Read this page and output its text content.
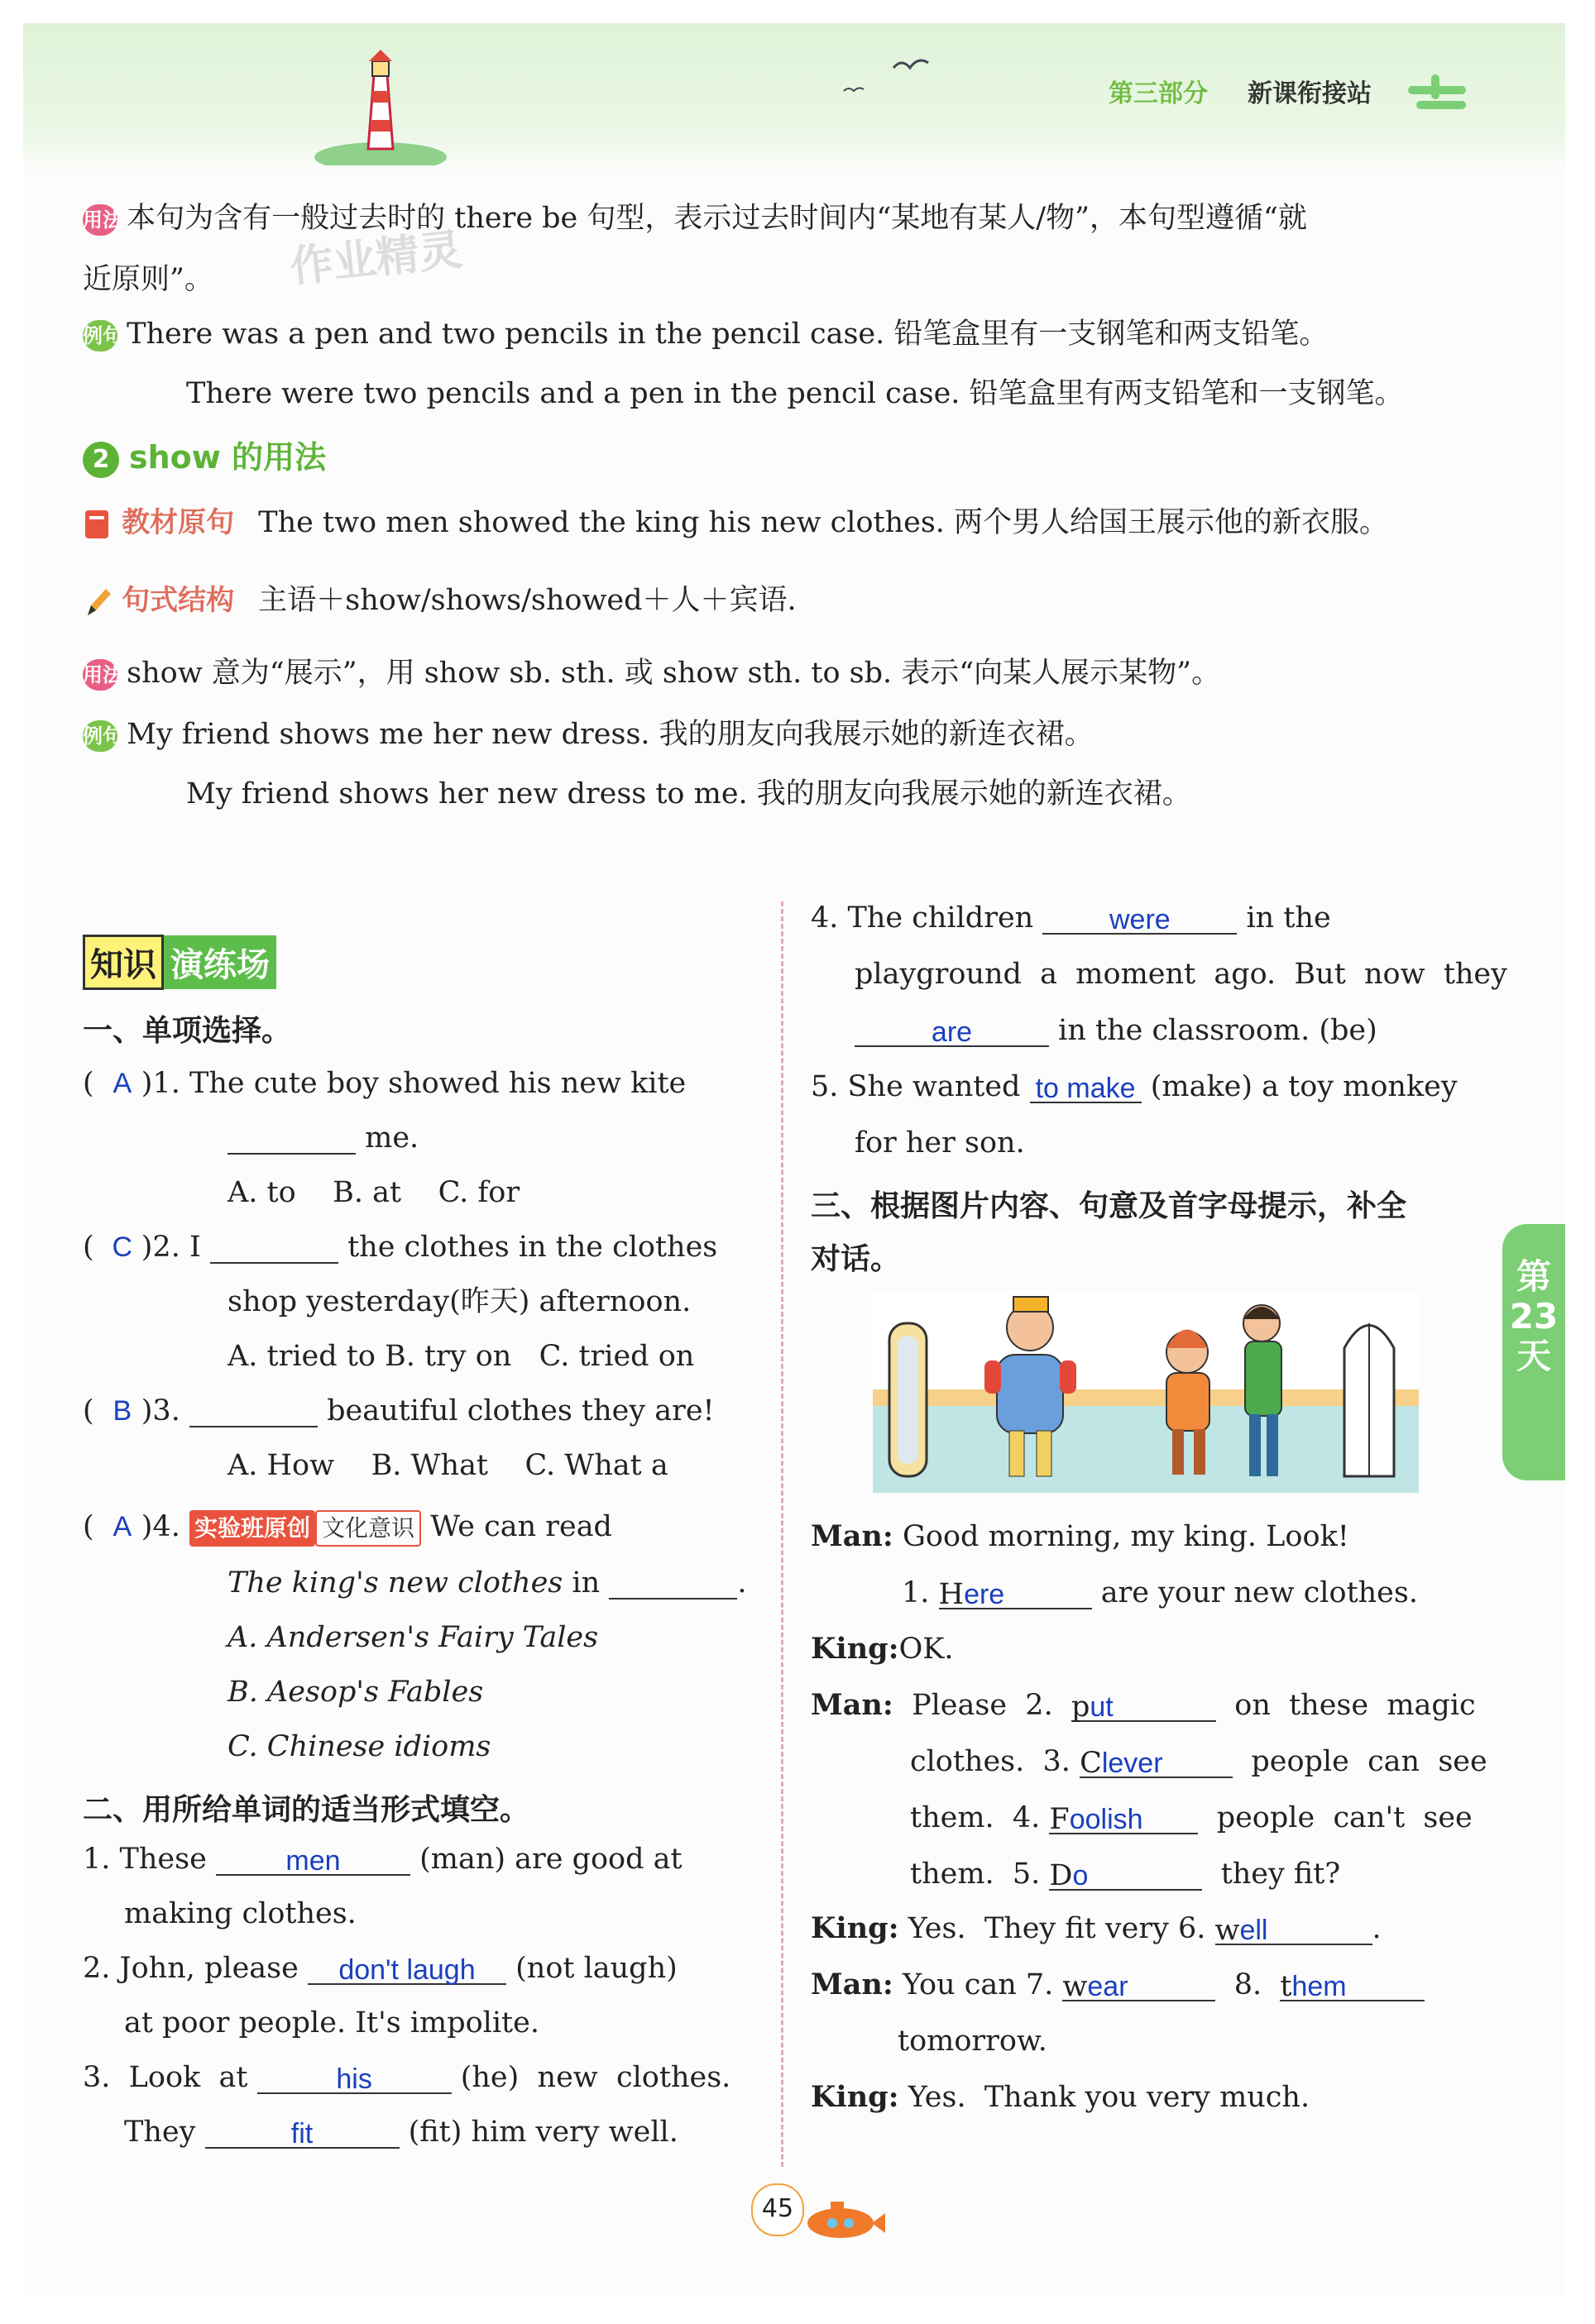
第三部分 新课衔接站
用法 本句为含有一般过去时的 there be 句型，表示过去时间内“某地有某人/物”，本句型遵循“就
近原则”。 作业精灵
例句 There was a pen and two pencils in the pencil case. 铅笔盒里有一支钢笔和两支铅笔。
There were two pencils and a pen in the pencil case. 铅笔盒里有两支铅笔和一支钢笔。
2 show 的用法
教材原句 The two men showed the king his new clothes. 两个男人给国王展示他的新衣服。
句式结构 主语＋show/shows/showed＋人＋宾语.
用法 show 意为“展示”，用 show sb. sth. 或 show sth. to sb. 表示“向某人展示某物”。
例句 My friend shows me her new dress. 我的朋友向我展示她的新连衣裙。
My friend shows her new dress to me. 我的朋友向我展示她的新连衣裙。
知识 演练场
一、单项选择。
( A )1. The cute boy showed his new kite
me.
A. to    B. at    C. for
( C )2. I	the clothes in the clothes
shop yesterday(昨天) afternoon.
A. tried to B. try on   C. tried on
( B )3.	beautiful clothes they are!
A. How    B. What    C. What a
( A )4. 实验班原创 文化意识 We can read
The king's new clothes in	.
A. Andersen's Fairy Tales
B. Aesop's Fables
C. Chinese idioms
二、用所给单词的适当形式填空。
1. These	men	(man) are good at
making clothes.
2. John, please don't laugh (not laugh)
at poor people. It's impolite.
3. Look  at	his	(he)  new  clothes.
They	fit	(fit) him very well.
4. The children	were	in the
playground  a  moment  ago.  But  now  they
are	in the classroom. (be)
5. She wanted to make (make) a toy monkey
for her son.
三、根据图片内容、句意及首字母提示，补全
对话。
Man: Good morning, my king. Look!
1. Here	are your new clothes.
King:OK.
Man: Please  2. put	on  these  magic
clothes.  3. Clever	people  can  see
them.  4. Foolish	people  can't  see
them.  5. Do	they fit?
King: Yes.  They fit very 6. well	.
Man: You can 7. wear	8. them
tomorrow.
King: Yes.  Thank you very much.
第
23
天
45
